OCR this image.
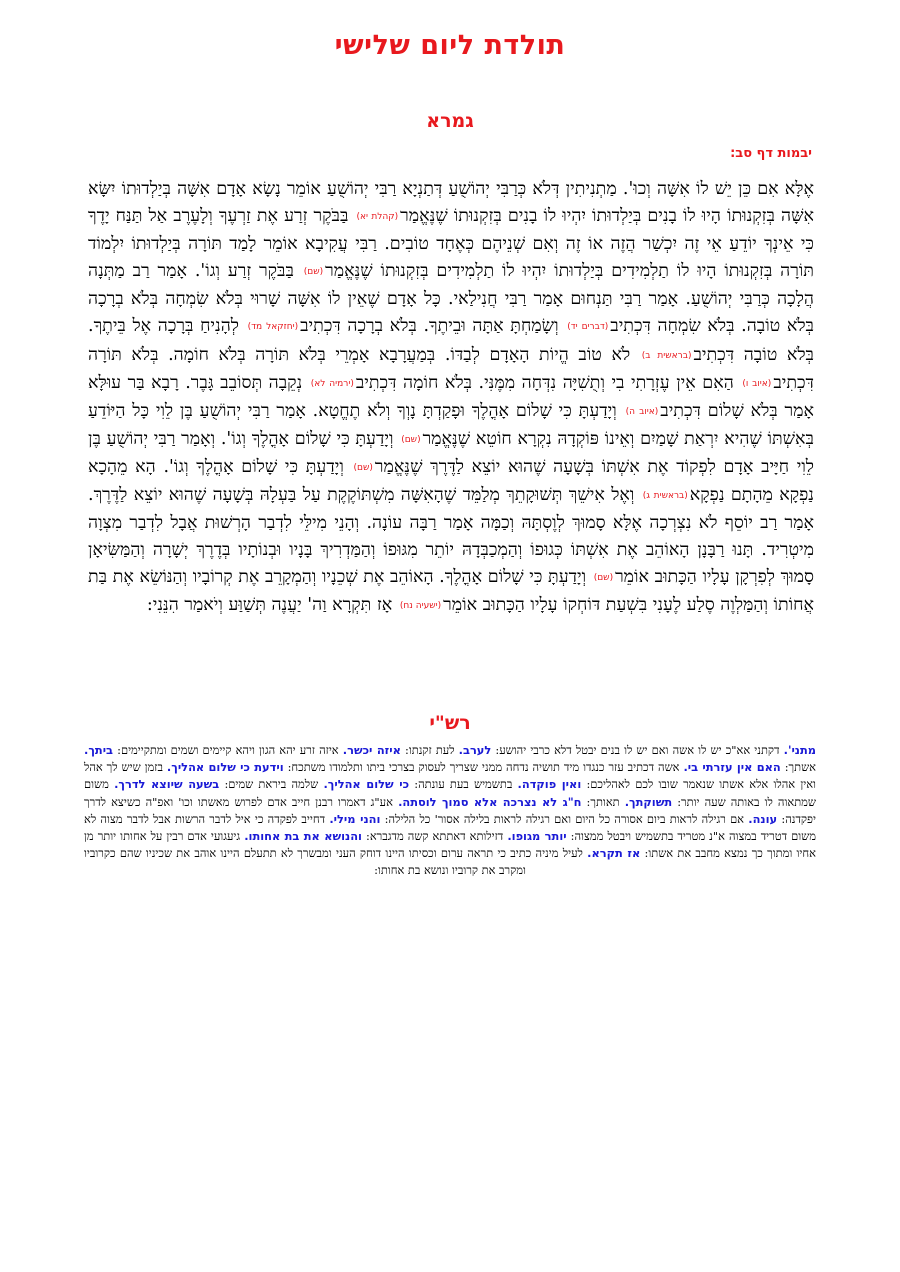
תולדת ליום שלישי
גמרא
יבמות דף סב:
אֶלָּא אִם כֵּן יֵשׁ לוֹ אִשָּׁה וְכוּ'. מַתְנִיתִין דְּלֹא כְּרַבִּי יְהוֹשֻׁעַ דְּתַנְיָא רַבִּי יְהוֹשֻׁעַ אוֹמֵר נָשָׂא אָדָם אִשָּׁה בְּיַלְדוּתוֹ יִשָּׂא אִשָּׁה בְּזִקְנוּתוֹ הָיוּ לוֹ בָנִים בְּיַלְדוּתוֹ יִהְיוּ לוֹ בָנִים בְּזִקְנוּתוֹ שֶׁנֶּאֱמַר(קהלת יא) בַּבֹּקֶר זְרַע אֶת זַרְעֶךָ וְלָעֶרֶב אַל תַּנַּח יָדֶךָ כִּי אֵינְךָ יוֹדֵעַ אֵי זֶה יִכְשַׁר הֲזֶה אוֹ זֶה וְאִם שְׁנֵיהֶם כְּאֶחָד טוֹבִים. רַבִּי עֲקִיבָא אוֹמֵר לָמַד תּוֹרָה בְּיַלְדוּתוֹ יִלְמוֹד תּוֹרָה בְּזִקְנוּתוֹ הָיוּ לוֹ תַלְמִידִים בְּיַלְדוּתוֹ יִהְיוּ לוֹ תַלְמִידִים בְּזִקְנוּתוֹ שֶׁנֶּאֱמַר(שם) בַּבֹּקֶר זְרַע וְגוֹ'. אָמַר רַב מַתְּנָה הֲלָכָה כְּרַבִּי יְהוֹשֻׁעַ. אָמַר רַבִּי תַּנְחוּם אָמַר רַבִּי חֲנִילַאי. כָּל אָדָם שֶׁאֵין לוֹ אִשָּׁה שָׁרוּי בְּלֹא שִׂמְחָה בְּלֹא בְרָכָה בְּלֹא טוֹבָה. בְּלֹא שִׂמְחָה דִּכְתִיב(דברים יד) וְשָׂמַחְתָּ אַתָּה וּבֵיתֶךָ. בְּלֹא בְרָכָה דִּכְתִיב(יחזקאל מד) לְהָנִיחַ בְּרָכָה אֶל בֵּיתֶךָ. בְּלֹא טוֹבָה דִּכְתִיב(בראשית ב) לֹא טוֹב הֱיוֹת הָאָדָם לְבַדּוֹ. בְּמַעֲרָבָא אָמְרֵי בְּלֹא תּוֹרָה בְּלֹא חוֹמָה. בְּלֹא תּוֹרָה דִּכְתִיב(איוב ו) הַאִם אֵין עֶזְרָתִי בִי וְתֻשִׁיָּה נִדְּחָה מִמֶּנִּי. בְּלֹא חוֹמָה דִּכְתִיב(ירמיה לא) נְקֵבָה תְּסוֹבֵב גָּבֶר. רָבָא בַּר עוּלָּא אָמַר בְּלֹא שָׁלוֹם דִּכְתִיב(איוב ה) וְיָדַעְתָּ כִּי שָׁלוֹם אָהֳלֶךָ וּפָקַדְתָּ נָוְךָ וְלֹא תֶחֱטָא. אָמַר רַבִּי יְהוֹשֻׁעַ בֶּן לֵוִי כָּל הַיּוֹדֵעַ בְּאִשְׁתּוֹ שֶׁהִיא יִרְאַת שָׁמַיִם וְאֵינוֹ פּוֹקְדָהּ נִקְרָא חוֹטֵא שֶׁנֶּאֱמַר(שם) וְיָדַעְתָּ כִּי שָׁלוֹם אָהֳלֶךָ וְגוֹ'. וְאָמַר רַבִּי יְהוֹשֻׁעַ בֶּן לֵוִי חַיָּיב אָדָם לִפְקוֹד אֶת אִשְׁתּוֹ בְּשָׁעָה שֶׁהוּא יוֹצֵא לַדֶּרֶךְ שֶׁנֶּאֱמַר(שם) וְיָדַעְתָּ כִּי שָׁלוֹם אָהֳלֶךָ וְגוֹ'. הָא מֵהָכָא נַפְקָא מֵהָתָם נַפְקָא(בראשית ג) וְאֶל אִישֵׁךְ תְּשׁוּקָתֵךְ מְלַמֵּד שֶׁהָאִשָּׁה מִשְׁתּוֹקֶקֶת עַל בַּעְלָהּ בְּשָׁעָה שֶׁהוּא יוֹצֵא לַדֶּרֶךְ. אָמַר רַב יוֹסֵף לֹא נִצְרְכָה אֶלָּא סָמוּךְ לְוֶסְתָּהּ וְכַמָּה אָמַר רַבָּה עוֹנָה. וְהָנֵי מִילֵּי לִדְבַר הָרְשׁוּת אֲבָל לִדְבַר מִצְוָה מִיטְרִיד. תָּנוּ רַבָּנָן הָאוֹהֵב אֶת אִשְׁתּוֹ כְּגוּפוֹ וְהַמְכַבְּדָהּ יוֹתֵר מִגּוּפוֹ וְהַמַּדְרִיךְ בָּנָיו וּבְנוֹתָיו בְּדֶרֶךְ יְשָׁרָה וְהַמַּשִּׂיאָן סָמוּךְ לְפִרְקָן עָלָיו הַכָּתוּב אוֹמֵר(שם) וְיָדַעְתָּ כִּי שָׁלוֹם אָהֳלֶךָ. הָאוֹהֵב אֶת שְׁכֵנָיו וְהַמְקָרֵב אֶת קְרוֹבָיו וְהַנּוֹשֵׂא אֶת בַּת אֲחוֹתוֹ וְהַמַּלְוֶה סֶלַע לֶעָנִי בִּשְׁעַת דּוֹחְקוֹ עָלָיו הַכָּתוּב אוֹמֵר(ישעיה נח) אָז תִּקְרָא וַה' יַעֲנֶה תְּשַׁוַּע וְיֹאמַר הִנֵּנִי:
רש"י
מתני'. דקתני אא"כ יש לו אשה ואם יש לו בנים יבטל דלא כרבי יהושע: לערב. לעת זקנתו: איזה יכשר. איזה זרע יהא הגון ויהא קיימים ושמים ומתקיימים: ביתך. אשתך: האם אין עזרתי בי. אשה דכתיב עזר כנגדו מיד תושיה נדחה ממני שצריך לעסוק בצרכי ביתו ותלמודו משתכח: וידעת כי שלום אהליך. בזמן שיש לך אהל ואין אהלו אלא אשתו שנאמר שובו לכם לאהליכם: ואין פוקדה. בתשמיש בעת עונתה: כי שלום אהליך. שלמה ביראת שמים: בשעה שיוצא לדרך. משום שמתאוה לו באותה שעה יותר: תשוקתך. תאותך: ח"ג לא נצרכה אלא סמוך לוסתה. אע"ג דאמרו רבנן חייב אדם לפרוש מאשתו וכו' ואפ"ה כשיצא לדרך יפקדנה: עונה. אם רגילה לראות ביום אסורה כל היום ואם רגילה לראות בלילה אסור' כל הלילה: והני מילי. דחייב לפקדה כי איל לדבר הרשות אבל לדבר מצוה לא משום דטריד במצוה א"נ מטריד בתשמיש ויבטל ממצוה: יותר מגופו. דזילותא דאתתא קשה מדגברא: והנושא את בת אחותו. גיעגועי אדם רבין על אחותו יותר מן אחיו ומתוך כך נמצא מחבב את אשתו: אז תקרא. לעיל מיניה כתיב כי תראה ערום וכסיתו היינו דוחק העני ומבשרך לא תתעלם היינו אוהב את שכיניו שהם כקרוביו ומקרב את קרוביו ונושא בת אחותו:
